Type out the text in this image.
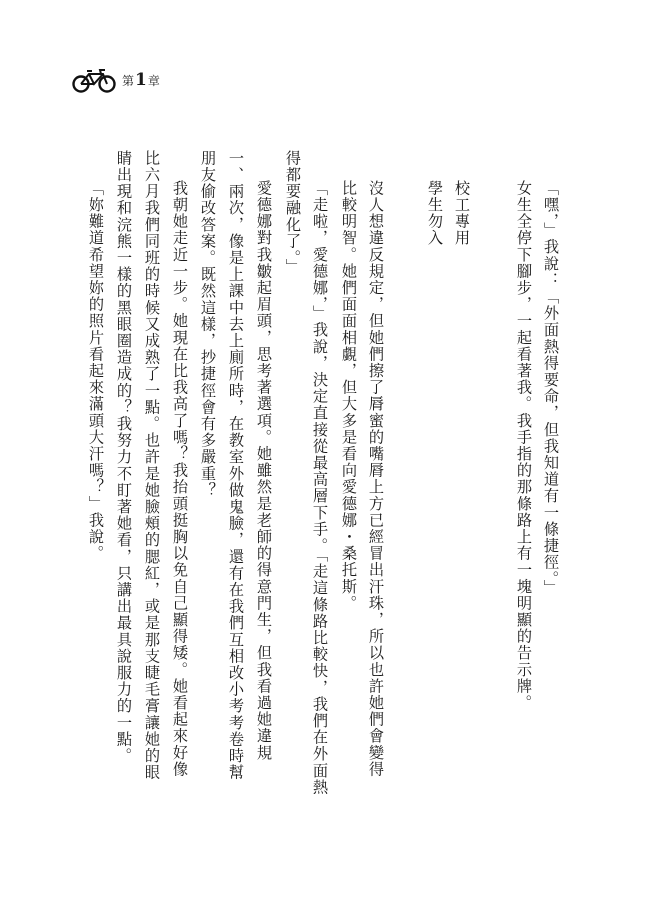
第 1 章
「嘿，」我說：「外面熱得要命，但我知道有一條捷徑。」
女生全停下腳步，一起看著我。我手指的那條路上有一塊明顯的告示牌。
校工專用
學生勿入
沒人想違反規定，但她們擦了脣蜜的嘴脣上方已經冒出汗珠，所以也許她們會變得
比較明智。她們面面相覷，但大多是看向愛德娜・桑托斯。
「走啦，愛德娜，」我說，決定直接從最高層下手。「走這條路比較快，我們在外面熱
得都要融化了。」
愛德娜對我皺起眉頭，思考著選項。她雖然是老師的得意門生，但我看過她違規
一、兩次，像是上課中去上廁所時，在教室外做鬼臉，還有在我們互相改小考考卷時幫
朋友偷改答案。既然這樣，抄捷徑會有多嚴重？
我朝她走近一步。她現在比我高了嗎？我抬頭挺胸以免自己顯得矮。她看起來好像
比六月我們同班的時候又成熟了一點。也許是她臉頰的腮紅，或是那支睫毛膏讓她的眼
睛出現和浣熊一樣的黑眼圈造成的？我努力不盯著她看，只講出最具說服力的一點。
「妳難道希望妳的照片看起來滿頭大汗嗎？」我說。
